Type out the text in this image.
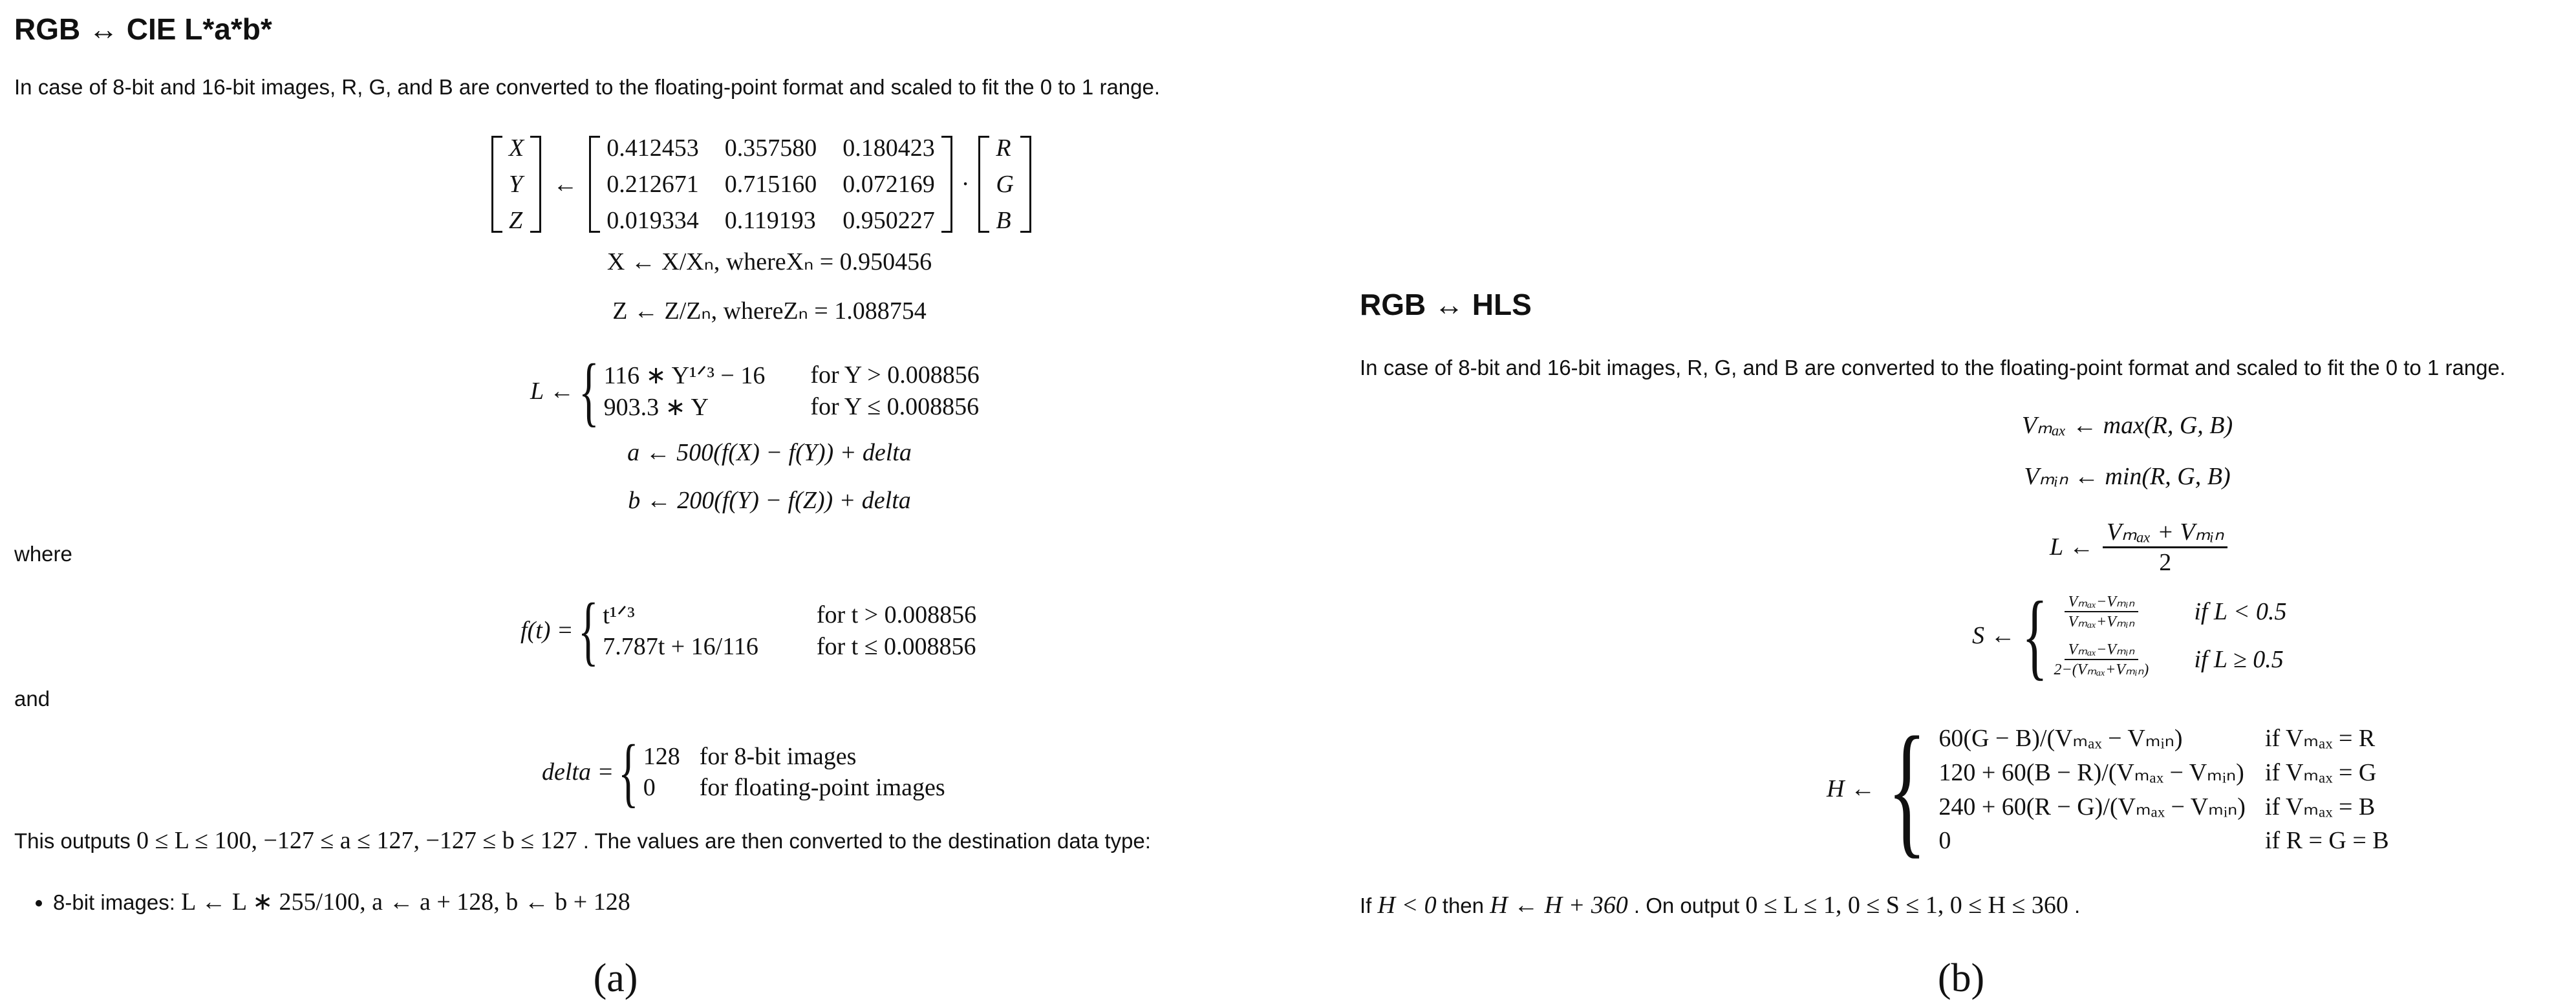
RGB ↔ CIE L*a*b*
In case of 8-bit and 16-bit images, R, G, and B are converted to the floating-point format and scaled to fit the 0 to 1 range.
X
Y
Z
←
0.412453 0.357580 0.180423
0.212671 0.715160 0.072169
0.019334 0.119193 0.950227
·
R
G
B
X ← X/Xₙ, whereXₙ = 0.950456
Z ← Z/Zₙ, whereZₙ = 1.088754
L ← { 116 ∗ Y¹ᐟ³ − 16 for Y > 0.008856
903.3 ∗ Y	for Y ≤ 0.008856
a ← 500(f(X) − f(Y)) + delta
b ← 200(f(Y) − f(Z)) + delta
where
f(t) = { t¹ᐟ³	for t > 0.008856
7.787t + 16/116 for t ≤ 0.008856
and
delta = { 128 for 8-bit images
0	for floating-point images
This outputs 0 ≤ L ≤ 100, −127 ≤ a ≤ 127, −127 ≤ b ≤ 127 . The values are then converted to the destination data type:
• 8-bit images: L ← L ∗ 255/100, a ← a + 128, b ← b + 128
(a)
RGB ↔ HLS
In case of 8-bit and 16-bit images, R, G, and B are converted to the floating-point format and scaled to fit the 0 to 1 range.
Vₘₐₓ ← max(R, G, B)
Vₘᵢₙ ← min(R, G, B)
L ← $\frac{\text{Vₘₐₓ + Vₘᵢₙ}}{2}$
S ← { $\frac{\text{Vₘₐₓ−Vₘᵢₙ}}{\text{Vₘₐₓ+Vₘᵢₙ}}$ if L < 0.5
$\frac{\text{Vₘₐₓ−Vₘᵢₙ}}{\text{2−(Vₘₐₓ+Vₘᵢₙ)}}$ if L ≥ 0.5
H ← { 60(G − B)/(Vₘₐₓ − Vₘᵢₙ)	if Vₘₐₓ = R
120 + 60(B − R)/(Vₘₐₓ − Vₘᵢₙ) if Vₘₐₓ = G
240 + 60(R − G)/(Vₘₐₓ − Vₘᵢₙ) if Vₘₐₓ = B
0	if R = G = B
If H < 0 then H ← H + 360 . On output 0 ≤ L ≤ 1, 0 ≤ S ≤ 1, 0 ≤ H ≤ 360 .
(b)
